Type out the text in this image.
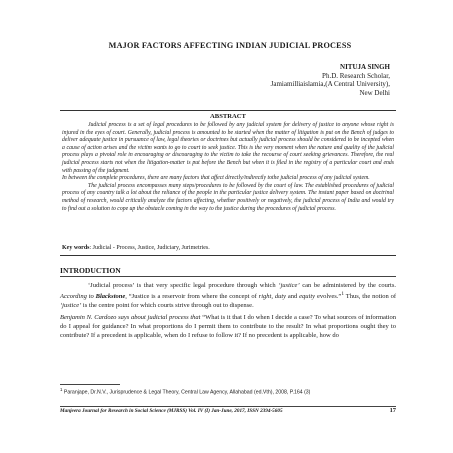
MAJOR FACTORS AFFECTING INDIAN JUDICIAL PROCESS
NITUJA SINGH
Ph.D. Research Scholar,
Jamiamilliaislamia,(A Central University),
New Delhi
ABSTRACT

Judicial process is a set of legal procedures to be followed by any judicial system for delivery of justice to anyone whose right is injured in the eyes of court. Generally, judicial process is amounted to be started when the matter of litigation is put on the Bench of judges to deliver adequate justice in pursuance of law, legal theories or doctrines but actually judicial process should be considered to be incepted when a cause of action arises and the victim wants to go to court to seek justice. This is the very moment when the nature and quality of the judicial process plays a pivotal role in encouraging or discouraging to the victim to take the recourse of court seeking grievances. Therefore, the real judicial process starts not when the litigation-matter is put before the Bench but when it is filed in the registry of a particular court and ends with passing of the judgment.

In between the complete procedures, there are many factors that affect directly/indirectly tothe judicial process of any judicial system.

The judicial process encompasses many steps/procedures to be followed by the court of law. The established procedures of judicial process of any country talk a lot about the reliance of the people in the particular justice delivery system. The instant paper based on doctrinal method of research, would critically analyze the factors affecting, whether positively or negatively, the judicial process of India and would try to find out a solution to cope up the obstacle coming in the way to the justice during the procedures of judicial process.

Key words: Judicial - Process, Justice, Judiciary, Jurimetries.
INTRODUCTION

‘Judicial process’ is that very specific legal procedure through which ‘justice’ can be administered by the courts. According to Blackstone, “Justice is a reservoir from where the concept of right, duty and equity evolves.”$^1$ Thus, the notion of ‘justice’ is the centre point for which courts strive through out to dispense.

Benjamin N. Cardozo says about judicial process that “What is it that I do when I decide a case? To what sources of information do I appeal for guidance? In what proportions do I permit them to contribute to the result? In what proportions ought they to contribute? If a precedent is applicable, when do I refuse to follow it? If no precedent is applicable, how do

$^1$ Paranjape, Dr.N.V., Jurisprudence & Legal Theory, Central Law Agency, Allahabad (ed.Vth), 2008, P.164 (3)
Manjeera Journal for Research in Social Science (MJRSS) Vol. IV (I) Jan-June, 2017, ISSN 2394-5605	17
